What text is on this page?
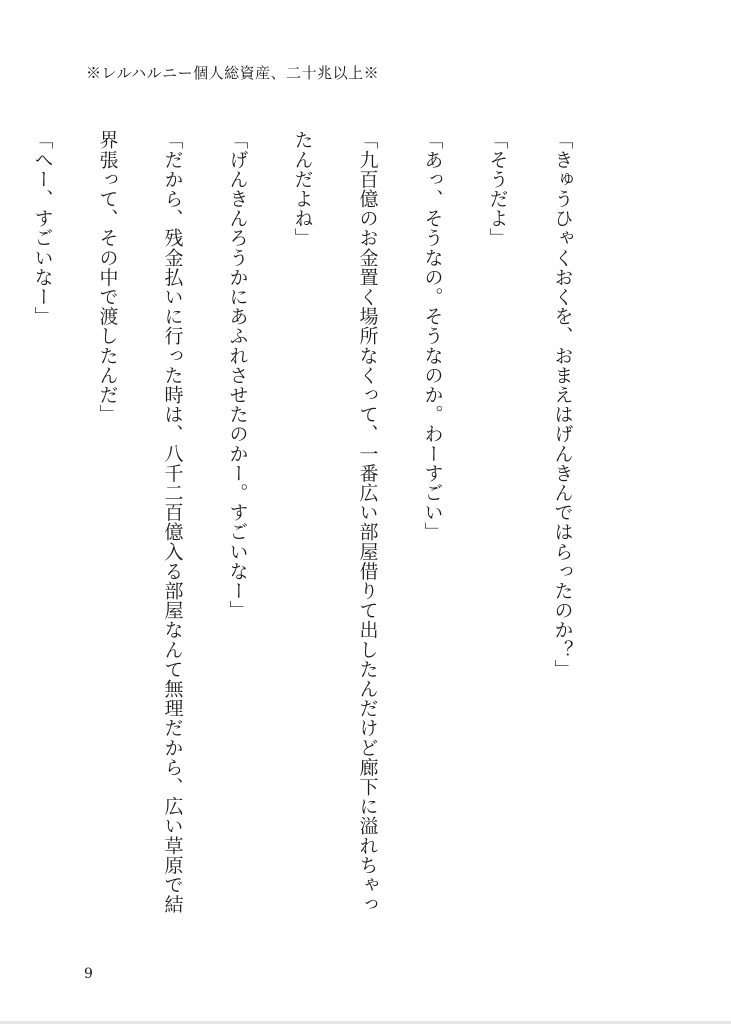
※レルハルニー個人総資産、二十兆以上※

「きゅうひゃくおくを、おまえはげんきんではらったのか？」

「そうだよ」

「あっ、そうなの。そうなのか。わーすごい」

「九百億のお金置く場所なくって、一番広い部屋借りて出したんだけど廊下に溢れちゃっ

たんだよね」

「げんきんろうかにあふれさせたのかー。すごいなー」

「だから、残金払いに行った時は、八千二百億入る部屋なんて無理だから、広い草原で結

界張って、その中で渡したんだ」

「へー、すごいなー」

9
